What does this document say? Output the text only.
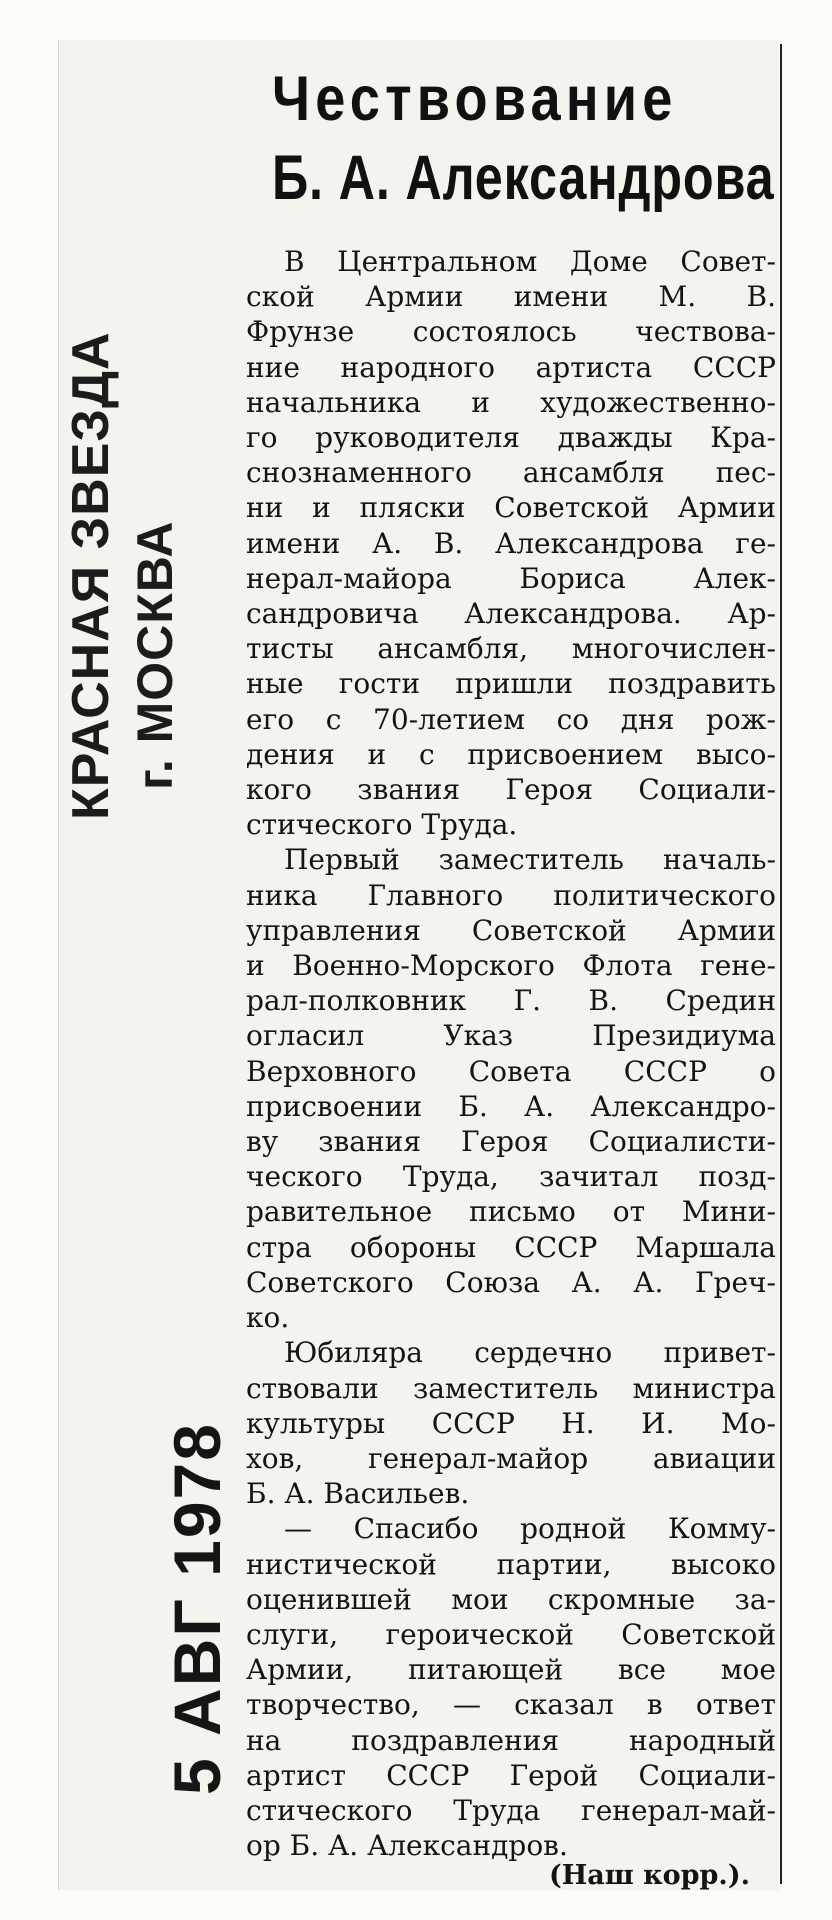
КРАСНАЯ ЗВЕЗДА г. МОСКВА
5 АВГ 1978
Чествование
Б. А. Александрова

В Центральном Доме Совет-
ской Армии имени М. В.
Фрунзе состоялось чествова-
ние народного артиста СССР
начальника и художественно-
го руководителя дважды Кра-
снознаменного ансамбля пес-
ни и пляски Советской Армии
имени А. В. Александрова ге-
нерал-майора Бориса Алек-
сандровича Александрова. Ар-
тисты ансамбля, многочислен-
ные гости пришли поздравить
его с 70-летием со дня рож-
дения и с присвоением высо-
кого звания Героя Социали-
стического Труда.

Первый заместитель началь-
ника Главного политического
управления Советской Армии
и Военно-Морского Флота гене-
рал-полковник Г. В. Средин
огласил Указ Президиума
Верховного Совета СССР о
присвоении Б. А. Александро-
ву звания Героя Социалисти-
ческого Труда, зачитал позд-
равительное письмо от Мини-
стра обороны СССР Маршала
Советского Союза А. А. Греч-
ко.

Юбиляра сердечно привет-
ствовали заместитель министра
культуры СССР Н. И. Мо-
хов, генерал-майор авиации
Б. А. Васильев.

— Спасибо родной Комму-
нистической партии, высоко
оценившей мои скромные за-
слуги, героической Советской
Армии, питающей все мое
творчество, — сказал в ответ
на поздравления народный
артист СССР Герой Социали-
стического Труда генерал-май-
ор Б. А. Александров.

(Наш корр.).
